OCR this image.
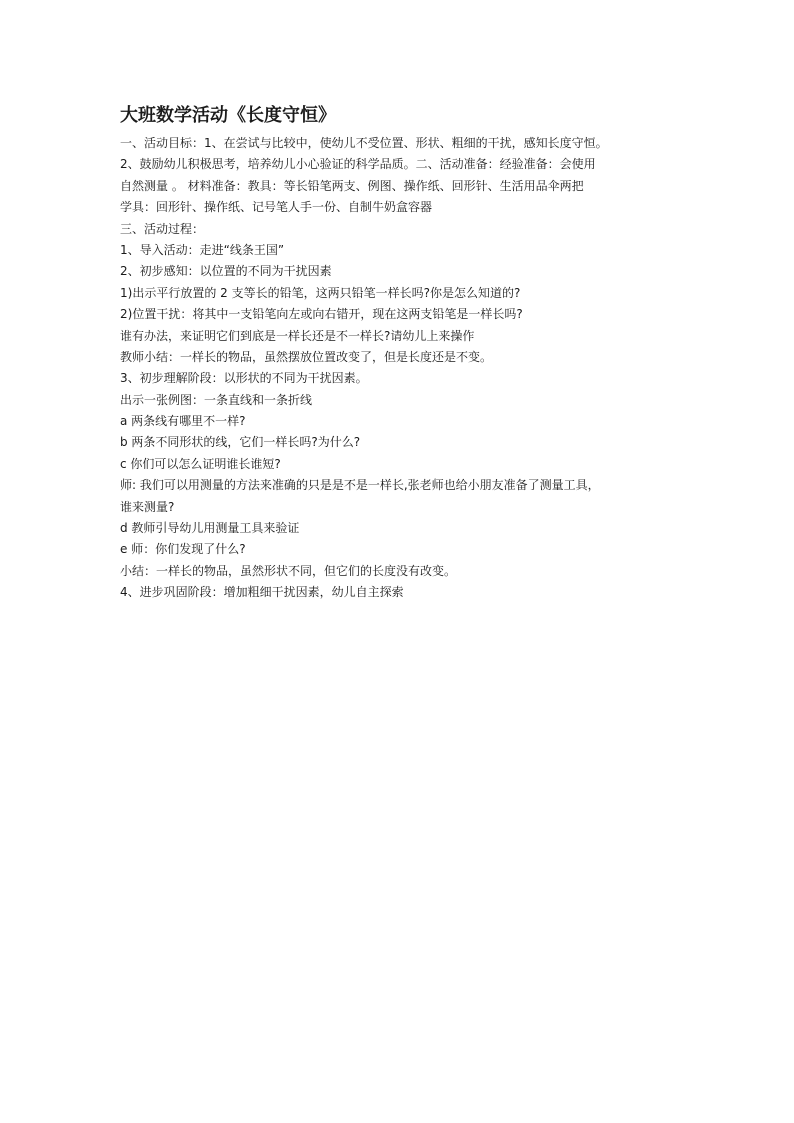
大班数学活动《长度守恒》

一、活动目标：1、在尝试与比较中，使幼儿不受位置、形状、粗细的干扰，感知长度守恒。

2、鼓励幼儿积极思考，培养幼儿小心验证的科学品质。二、活动准备：经验准备：会使用

自然测量 。 材料准备：教具：等长铅笔两支、例图、操作纸、回形针、生活用品伞两把

学具：回形针、操作纸、记号笔人手一份、自制牛奶盒容器

三、活动过程：

1、导入活动：走进“线条王国”

2、初步感知：以位置的不同为干扰因素

1)出示平行放置的 2 支等长的铅笔，这两只铅笔一样长吗?你是怎么知道的?

2)位置干扰：将其中一支铅笔向左或向右错开，现在这两支铅笔是一样长吗?

谁有办法，来证明它们到底是一样长还是不一样长?请幼儿上来操作

教师小结：一样长的物品，虽然摆放位置改变了，但是长度还是不变。

3、初步理解阶段：以形状的不同为干扰因素。

出示一张例图：一条直线和一条折线

a 两条线有哪里不一样?

b 两条不同形状的线，它们一样长吗?为什么?

c 你们可以怎么证明谁长谁短?

师: 我们可以用测量的方法来准确的只是是不是一样长,张老师也给小朋友准备了测量工具，

谁来测量?

d 教师引导幼儿用测量工具来验证

e 师：你们发现了什么?

小结：一样长的物品，虽然形状不同，但它们的长度没有改变。

4、进步巩固阶段：增加粗细干扰因素，幼儿自主探索
